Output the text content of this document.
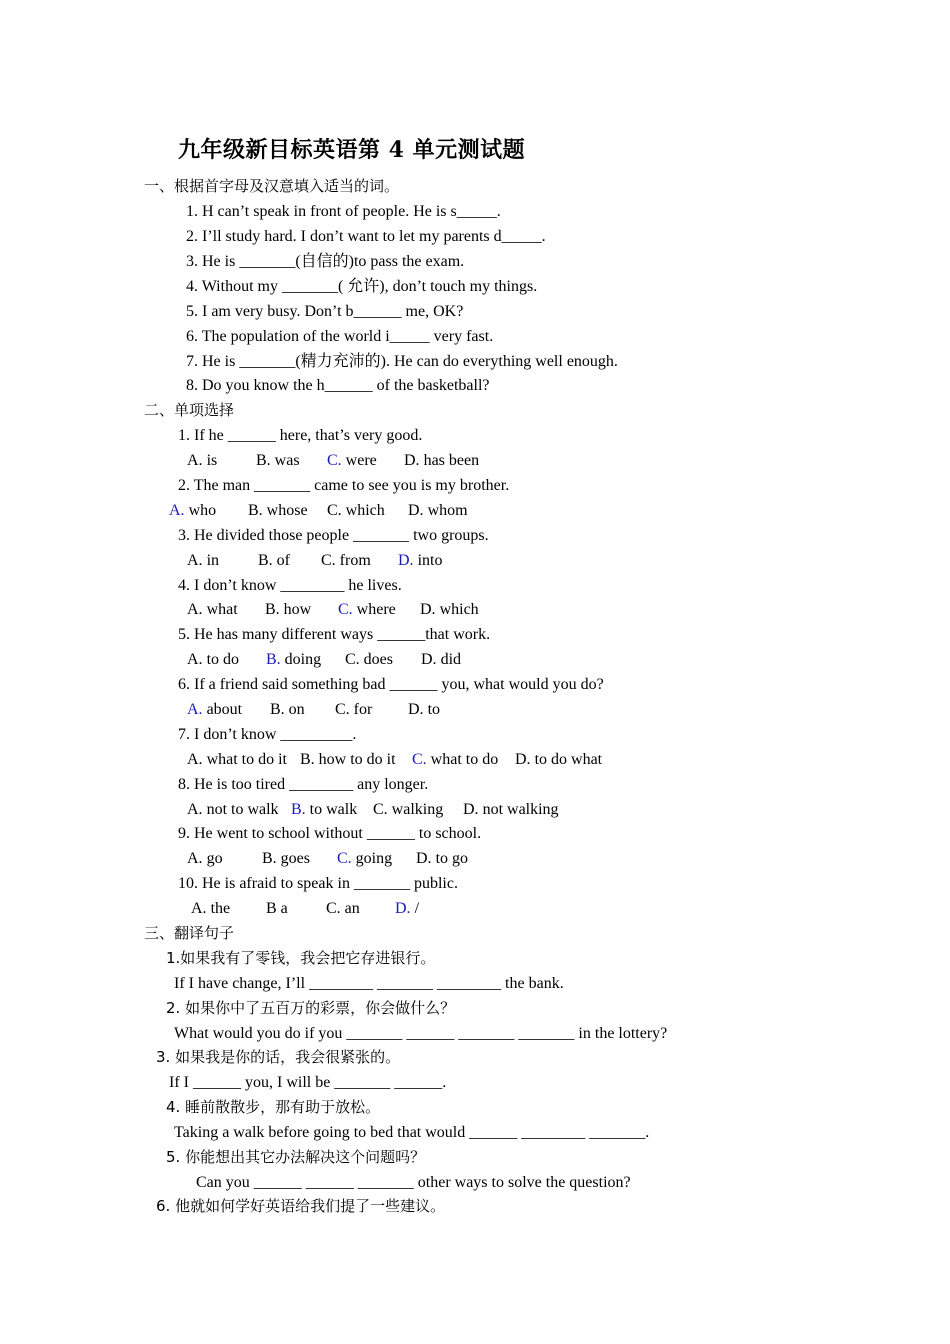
九年级新目标英语第 4 单元测试题
一、根据首字母及汉意填入适当的词。
1. H can’t speak in front of people. He is s_____.
2. I’ll study hard. I don’t want to let my parents d_____.
3. He is _______(自信的)to pass the exam.
4. Without my _______( 允许), don’t touch my things.
5. I am very busy. Don’t b______ me, OK?
6. The population of the world i_____ very fast.
7. He is _______(精力充沛的). He can do everything well enough.
8. Do you know the h______ of the basketball?
二、单项选择
1. If he ______ here, that’s very good.
A. is B. was C. were D. has been
2. The man _______ came to see you is my brother.
A. who B. whose C. which D. whom
3. He divided those people _______ two groups.
A. in B. of C. from D. into
4. I don’t know ________ he lives.
A. what B. how C. where D. which
5. He has many different ways ______that work.
A. to do B. doing C. does D. did
6. If a friend said something bad ______ you, what would you do?
A. about B. on C. for D. to
7. I don’t know _________.
A. what to do it B. how to do it C. what to do D. to do what
8. He is too tired ________ any longer.
A. not to walk B. to walk C. walking D. not walking
9. He went to school without ______ to school.
A. go B. goes C. going D. to go
10. He is afraid to speak in _______ public.
A. the B a C. an D. /
三、翻译句子
1.如果我有了零钱，我会把它存进银行。
If I have change, I’ll ________ _______ ________ the bank.
2. 如果你中了五百万的彩票，你会做什么？
What would you do if you _______ ______ _______ _______ in the lottery?
3. 如果我是你的话，我会很紧张的。
If I ______ you, I will be _______ ______.
4. 睡前散散步，那有助于放松。
Taking a walk before going to bed that would ______ ________ _______.
5. 你能想出其它办法解决这个问题吗？
Can you ______ ______ _______ other ways to solve the question?
6. 他就如何学好英语给我们提了一些建议。
